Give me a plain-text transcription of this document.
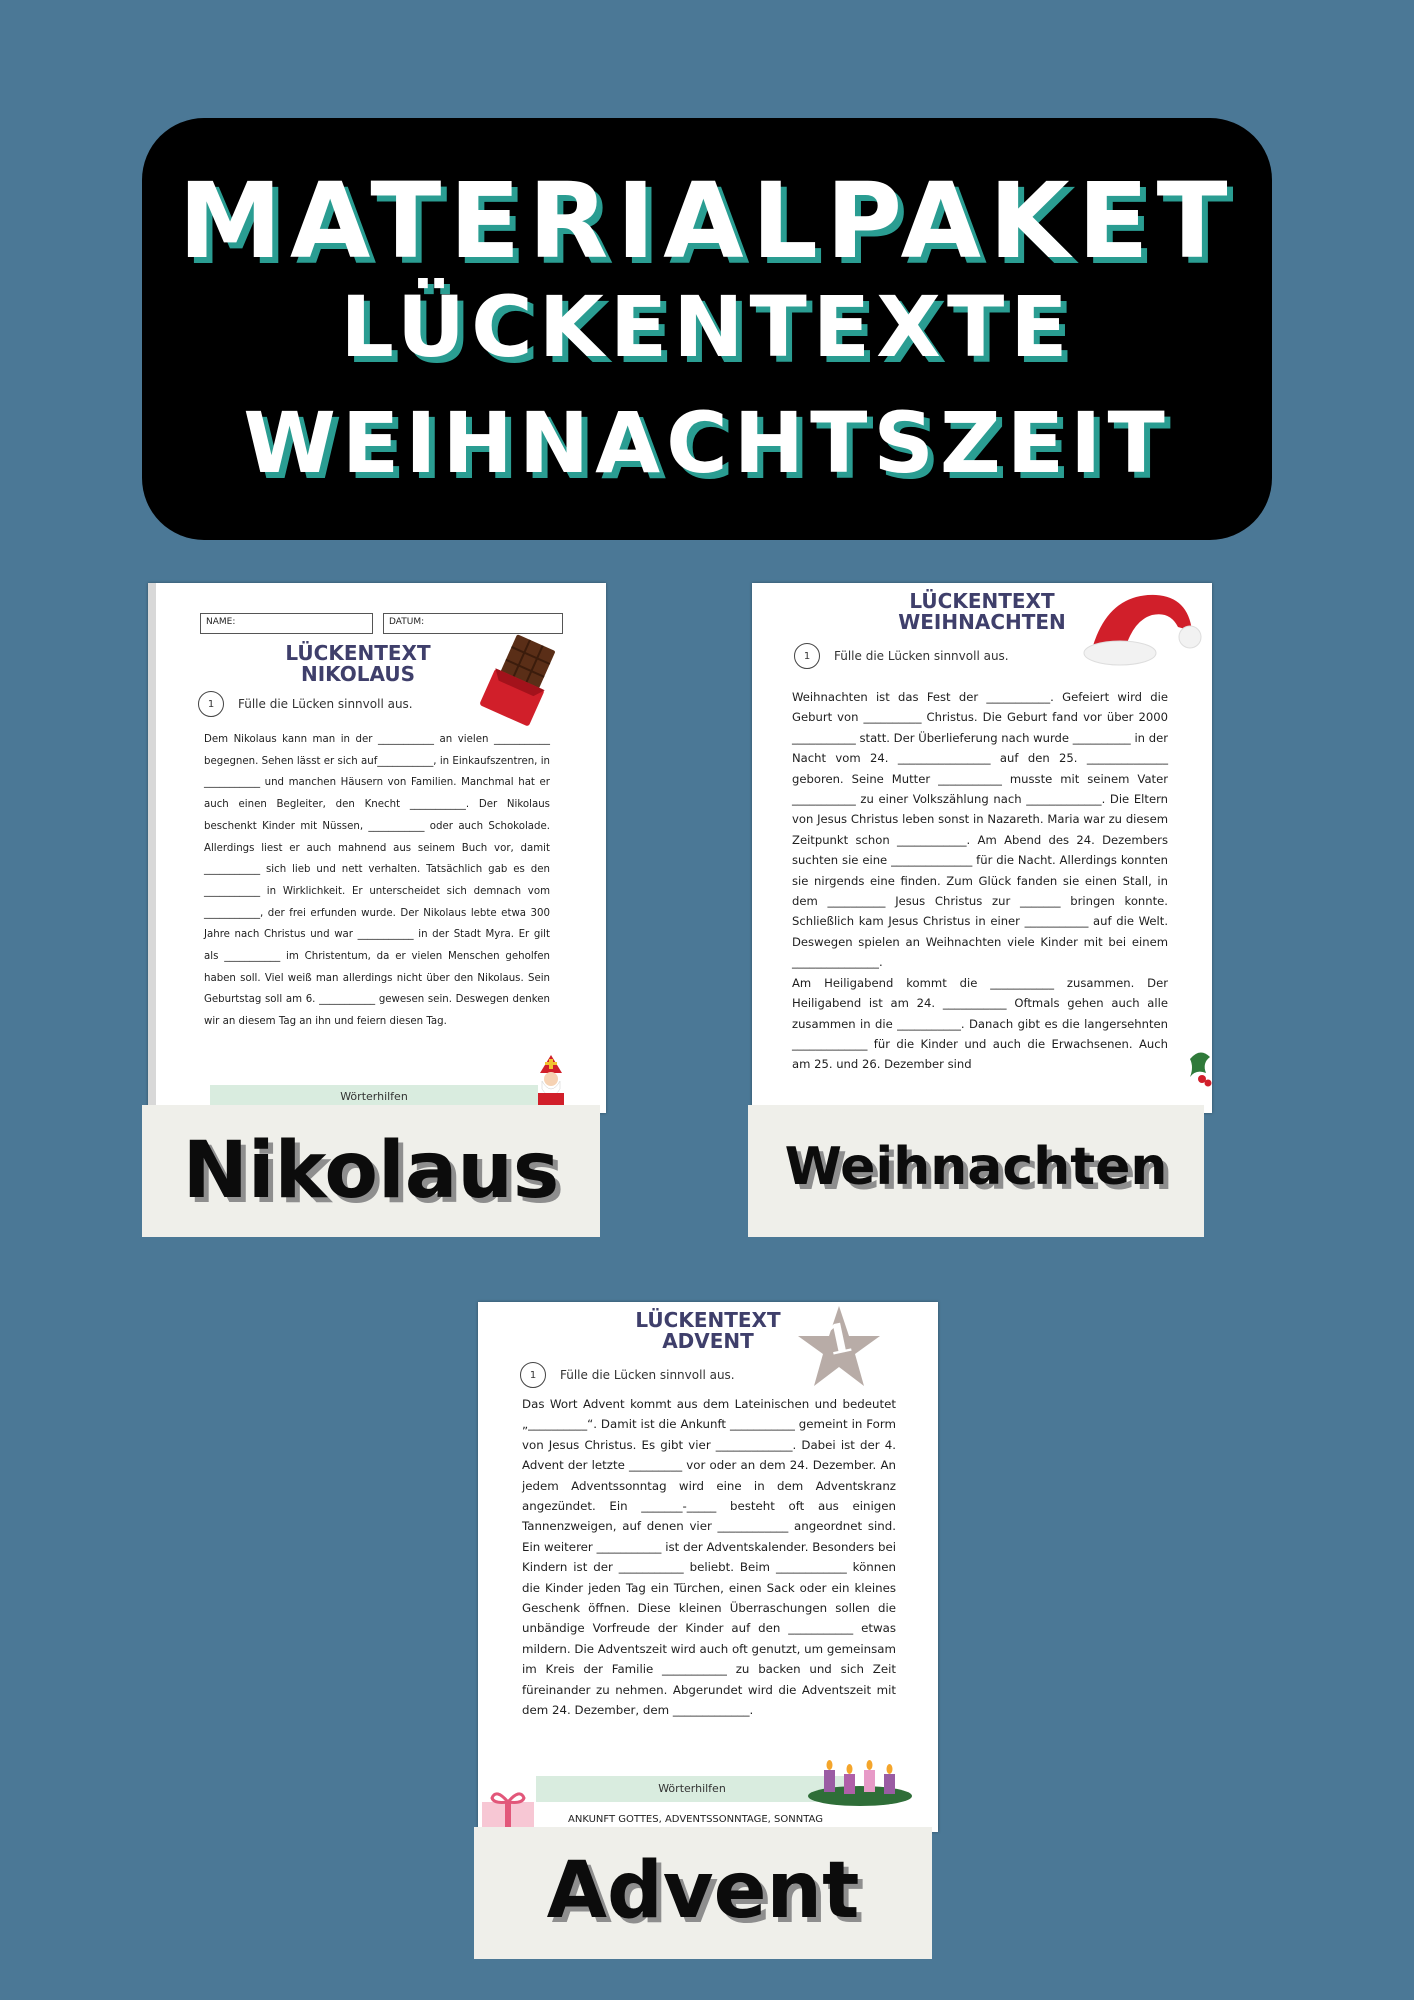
MATERIALPAKET
LÜCKENTEXTE
WEIHNACHTSZEIT
NAME:	DATUM:
LÜCKENTEXT
NIKOLAUS
1	Fülle die Lücken sinnvoll aus.

Dem Nikolaus kann man in der ___________ an vielen ___________ begegnen. Sehen lässt er sich auf___________, in Einkaufszentren, in ___________ und manchen Häusern von Familien. Manchmal hat er auch einen Begleiter, den Knecht ___________. Der Nikolaus beschenkt Kinder mit Nüssen, ___________ oder auch Schokolade. Allerdings liest er auch mahnend aus seinem Buch vor, damit ___________ sich lieb und nett verhalten. Tatsächlich gab es den ___________ in Wirklichkeit. Er unterscheidet sich demnach vom ___________, der frei erfunden wurde. Der Nikolaus lebte etwa 300 Jahre nach Christus und war ___________ in der Stadt Myra. Er gilt als ___________ im Christentum, da er vielen Menschen geholfen haben soll. Viel weiß man allerdings nicht über den Nikolaus. Sein Geburtstag soll am 6. ___________ gewesen sein. Deswegen denken wir an diesem Tag an ihn und feiern diesen Tag.

Wörterhilfen
Nikolaus
LÜCKENTEXT
WEIHNACHTEN
1	Fülle die Lücken sinnvoll aus.

Weihnachten ist das Fest der ___________. Gefeiert wird die Geburt von __________ Christus. Die Geburt fand vor über 2000 ___________ statt. Der Überlieferung nach wurde __________ in der Nacht vom 24. ________________ auf den 25. ______________ geboren. Seine Mutter ___________ musste mit seinem Vater ___________ zu einer Volkszählung nach _____________. Die Eltern von Jesus Christus leben sonst in Nazareth. Maria war zu diesem Zeitpunkt schon ____________. Am Abend des 24. Dezembers suchten sie eine ______________ für die Nacht. Allerdings konnten sie nirgends eine finden. Zum Glück fanden sie einen Stall, in dem __________ Jesus Christus zur _______ bringen konnte. Schließlich kam Jesus Christus in einer ___________ auf die Welt. Deswegen spielen an Weihnachten viele Kinder mit bei einem _______________.

Am Heiligabend kommt die ___________ zusammen. Der Heiligabend ist am 24. ___________ Oftmals gehen auch alle zusammen in die ___________. Danach gibt es die langersehnten _____________ für die Kinder und auch die Erwachsenen. Auch am 25. und 26. Dezember sind

Weihnachten
LÜCKENTEXT
ADVENT	1
1	Fülle die Lücken sinnvoll aus.

Das Wort Advent kommt aus dem Lateinischen und bedeutet „__________“. Damit ist die Ankunft ___________ gemeint in Form von Jesus Christus. Es gibt vier _____________. Dabei ist der 4. Advent der letzte _________ vor oder an dem 24. Dezember. An jedem Adventssonntag wird eine in dem Adventskranz angezündet. Ein _______-_____ besteht oft aus einigen Tannenzweigen, auf denen vier ____________ angeordnet sind. Ein weiterer ___________ ist der Adventskalender. Besonders bei Kindern ist der ___________ beliebt. Beim ____________ können die Kinder jeden Tag ein Türchen, einen Sack oder ein kleines Geschenk öffnen. Diese kleinen Überraschungen sollen die unbändige Vorfreude der Kinder auf den ___________ etwas mildern. Die Adventszeit wird auch oft genutzt, um gemeinsam im Kreis der Familie ___________ zu backen und sich Zeit füreinander zu nehmen. Abgerundet wird die Adventszeit mit dem 24. Dezember, dem _____________.

Wörterhilfen
ANKUNFT GOTTES, ADVENTSSONNTAGE, SONNTAG
Advent
